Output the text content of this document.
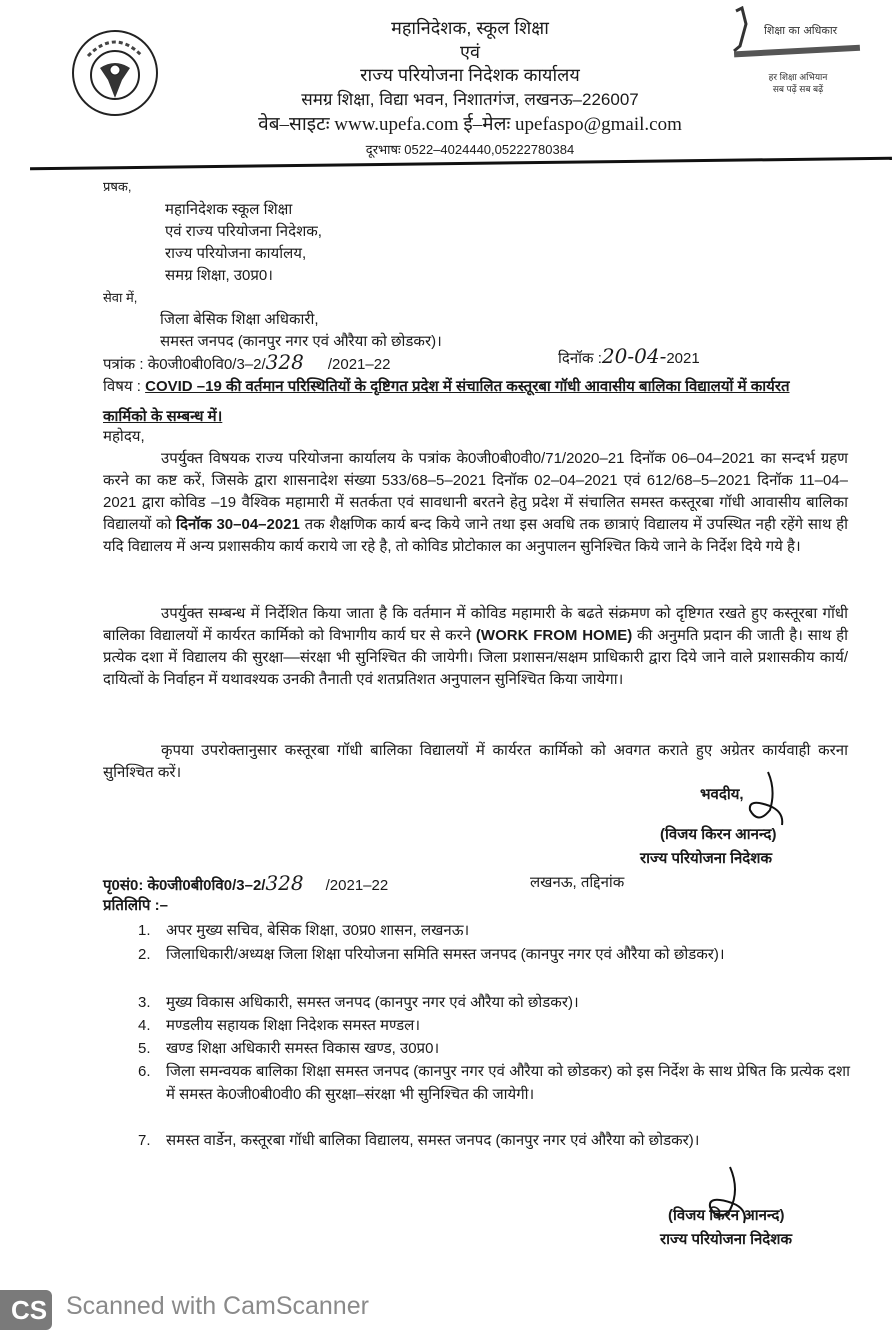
शिक्षा का अधिकार
हर शिक्षा अभियान
सब पढ़ें सब बढ़ें
महानिदेशक, स्कूल शिक्षा
एवं
राज्य परियोजना निदेशक कार्यालय
समग्र शिक्षा, विद्या भवन, निशातगंज, लखनऊ–226007
वेब–साइटः www.upefa.com ई–मेलः upefaspo@gmail.com
दूरभाषः 0522–4024440,05222780384
प्रषक,
महानिदेशक स्कूल शिक्षा
एवं राज्य परियोजना निदेशक,
राज्य परियोजना कार्यालय,
समग्र शिक्षा, उ0प्र0।
सेवा में,
जिला बेसिक शिक्षा अधिकारी,
समस्त जनपद (कानपुर नगर एवं औरैया को छोडकर)।
पत्रांक : के0जी0बी0वि0/3–2/328 /2021–22	दिनॉक :20-04-2021
विषय : COVID –19 की वर्तमान परिस्थितियों के दृष्टिगत प्रदेश में संचालित कस्तूरबा गॉधी आवासीय बालिका विद्यालयों में कार्यरत कार्मिको के सम्बन्ध में।
महोदय,
उपर्युक्त विषयक राज्य परियोजना कार्यालय के पत्रांक के0जी0बी0वी0/71/2020–21 दिनॉक 06–04–2021 का सन्दर्भ ग्रहण करने का कष्ट करें, जिसके द्वारा शासनादेश संख्या 533/68–5–2021 दिनॉक 02–04–2021 एवं 612/68–5–2021 दिनॉक 11–04–2021 द्वारा कोविड –19 वैश्विक महामारी में सतर्कता एवं सावधानी बरतने हेतु प्रदेश में संचालित समस्त कस्तूरबा गॉधी आवासीय बालिका विद्यालयों को दिनॉक 30–04–2021 तक शैक्षणिक कार्य बन्द किये जाने तथा इस अवधि तक छात्राएं विद्यालय में उपस्थित नही रहेंगे साथ ही यदि विद्यालय में अन्य प्रशासकीय कार्य कराये जा रहे है, तो कोविड प्रोटोकाल का अनुपालन सुनिश्चित किये जाने के निर्देश दिये गये है।
उपर्युक्त सम्बन्ध में निर्देशित किया जाता है कि वर्तमान में कोविड महामारी के बढते संक्रमण को दृष्टिगत रखते हुए कस्तूरबा गॉधी बालिका विद्यालयों में कार्यरत कार्मिको को विभागीय कार्य घर से करने (WORK FROM HOME) की अनुमति प्रदान की जाती है। साथ ही प्रत्येक दशा में विद्यालय की सुरक्षा––संरक्षा भी सुनिश्चित की जायेगी। जिला प्रशासन/सक्षम प्राधिकारी द्वारा दिये जाने वाले प्रशासकीय कार्य/दायित्वों के निर्वाहन में यथावश्यक उनकी तैनाती एवं शतप्रतिशत अनुपालन सुनिश्चित किया जायेगा।
कृपया उपरोक्तानुसार कस्तूरबा गॉधी बालिका विद्यालयों में कार्यरत कार्मिको को अवगत कराते हुए अग्रेतर कार्यवाही करना सुनिश्चित करें।
भवदीय,
(विजय किरन आनन्द)
राज्य परियोजना निदेशक
पृ0सं0: के0जी0बी0वि0/3–2/328 /2021–22	लखनऊ, तद्दिनांक
प्रतिलिपि :–
1. अपर मुख्य सचिव, बेसिक शिक्षा, उ0प्र0 शासन, लखनऊ।
2. जिलाधिकारी/अध्यक्ष जिला शिक्षा परियोजना समिति समस्त जनपद (कानपुर नगर एवं औरैया को छोडकर)।
3. मुख्य विकास अधिकारी, समस्त जनपद (कानपुर नगर एवं औरैया को छोडकर)।
4. मण्डलीय सहायक शिक्षा निदेशक समस्त मण्डल।
5. खण्ड शिक्षा अधिकारी समस्त विकास खण्ड, उ0प्र0।
6. जिला समन्वयक बालिका शिक्षा समस्त जनपद (कानपुर नगर एवं औरैया को छोडकर) को इस निर्देश के साथ प्रेषित कि प्रत्येक दशा में समस्त के0जी0बी0वी0 की सुरक्षा–संरक्षा भी सुनिश्चित की जायेगी।
7. समस्त वार्डेन, कस्तूरबा गॉधी बालिका विद्यालय, समस्त जनपद (कानपुर नगर एवं औरैया को छोडकर)।
(विजय किरन आनन्द)
राज्य परियोजना निदेशक
CS Scanned with CamScanner
